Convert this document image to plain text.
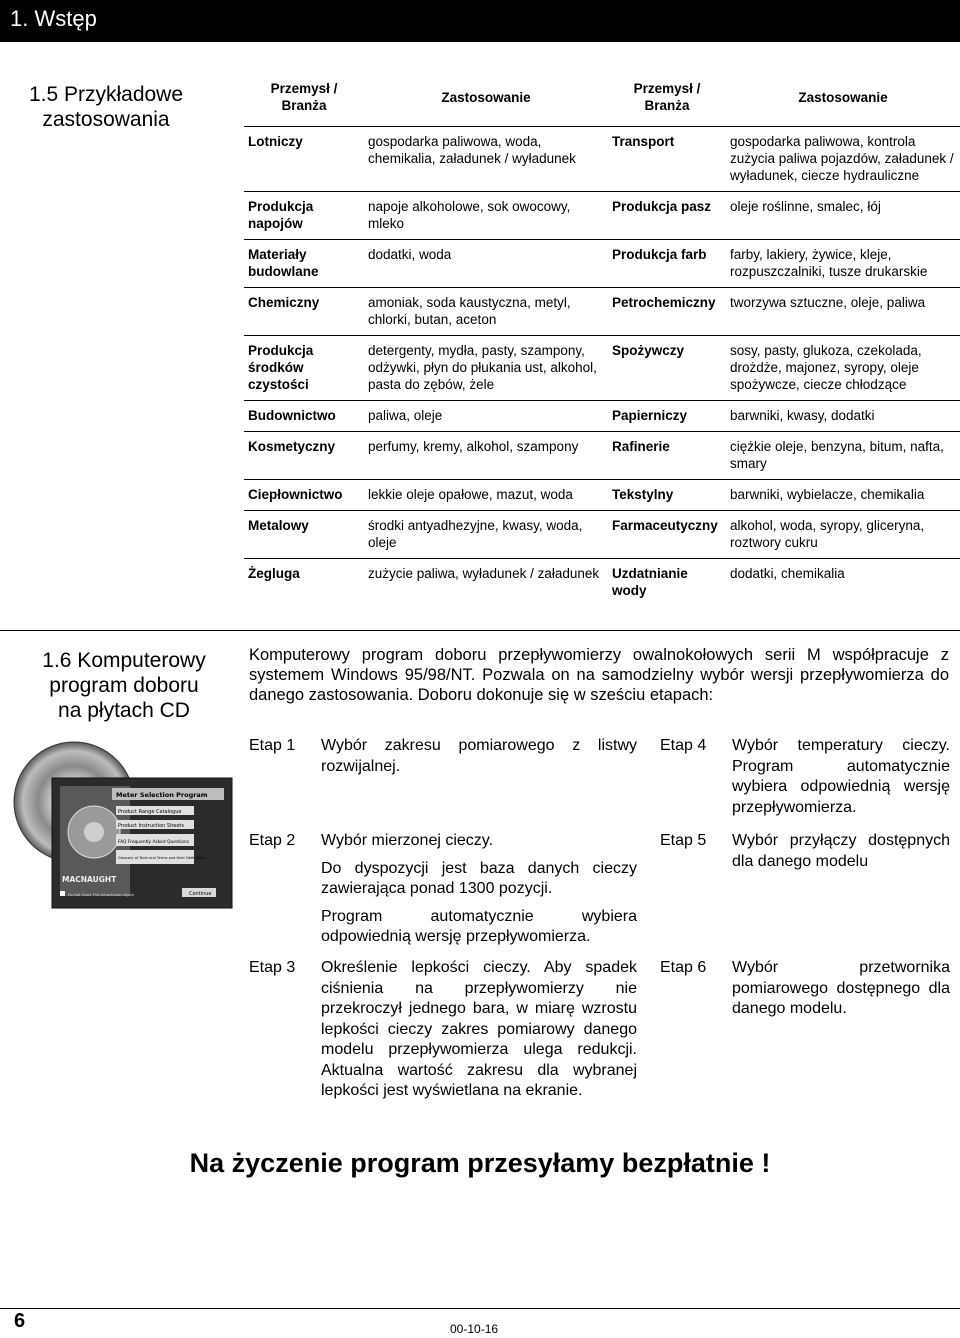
1. Wstęp
1.5 Przykładowe
zastosowania
Przemysł / Branża	Zastosowanie	Przemysł / Branża	Zastosowanie
Lotniczy	gospodarka paliwowa, woda, chemikalia, załadunek / wyładunek	Transport	gospodarka paliwowa, kontrola zużycia paliwa pojazdów, załadunek / wyładunek, ciecze hydrauliczne
Produkcja napojów	napoje alkoholowe, sok owocowy, mleko	Produkcja pasz	oleje roślinne, smalec, łój
Materiały budowlane	dodatki, woda	Produkcja farb	farby, lakiery, żywice, kleje, rozpuszczalniki, tusze drukarskie
Chemiczny	amoniak, soda kaustyczna, metyl, chlorki, butan, aceton	Petrochemiczny	tworzywa sztuczne, oleje, paliwa
Produkcja środków czystości	detergenty, mydła, pasty, szampony, odżywki, płyn do płukania ust, alkohol, pasta do zębów, żele	Spożywczy	sosy, pasty, glukoza, czekolada, drożdże, majonez, syropy, oleje spożywcze, ciecze chłodzące
Budownictwo	paliwa, oleje	Papierniczy	barwniki, kwasy, dodatki
Kosmetyczny	perfumy, kremy, alkohol, szampony	Rafinerie	ciężkie oleje, benzyna, bitum, nafta, smary
Ciepłownictwo	lekkie oleje opałowe, mazut, woda	Tekstylny	barwniki, wybielacze, chemikalia
Metalowy	środki antyadhezyjne, kwasy, woda, oleje	Farmaceutyczny	alkohol, woda, syropy, gliceryna, roztwory cukru
Żegluga	zużycie paliwa, wyładunek / załadunek	Uzdatnianie wody	dodatki, chemikalia
1.6 Komputerowy
program doboru
na płytach CD
Komputerowy program doboru przepływomierzy owalnokołowych serii M współpracuje z systemem Windows 95/98/NT. Pozwala on na samodzielny wybór wersji przepływomierza do danego zastosowania. Doboru dokonuje się w sześciu etapach:
Meter Selection Program
Product Range Catalogue
Product Instruction Sheets
FAQ Frequently Asked Questions
Glossary of Technical Terms and their Definitions
MACNAUGHT
Do Not Show This Introduction Again	Continue
Etap 1 Wybór zakresu pomiarowego z listwy rozwijalnej.

Etap 2 Wybór mierzonej cieczy.

Do dyspozycji jest baza danych cieczy zawierająca ponad 1300 pozycji.

Program automatycznie wybiera odpowiednią wersję przepływomierza.

Etap 3 Określenie lepkości cieczy. Aby spadek ciśnienia na przepływomierzy nie przekroczył jednego bara, w miarę wzrostu lepkości cieczy zakres pomiarowy danego modelu przepływomierza ulega redukcji. Aktualna wartość zakresu dla wybranej lepkości jest wyświetlana na ekranie.

Etap 4 Wybór temperatury cieczy. Program automatycznie wybiera odpowiednią wersję przepływomierza.

Etap 5 Wybór przyłączy dostępnych dla danego modelu

Etap 6 Wybór przetwornika pomiarowego dostępnego dla danego modelu.

Na życzenie program przesyłamy bezpłatnie !
6	00-10-16
